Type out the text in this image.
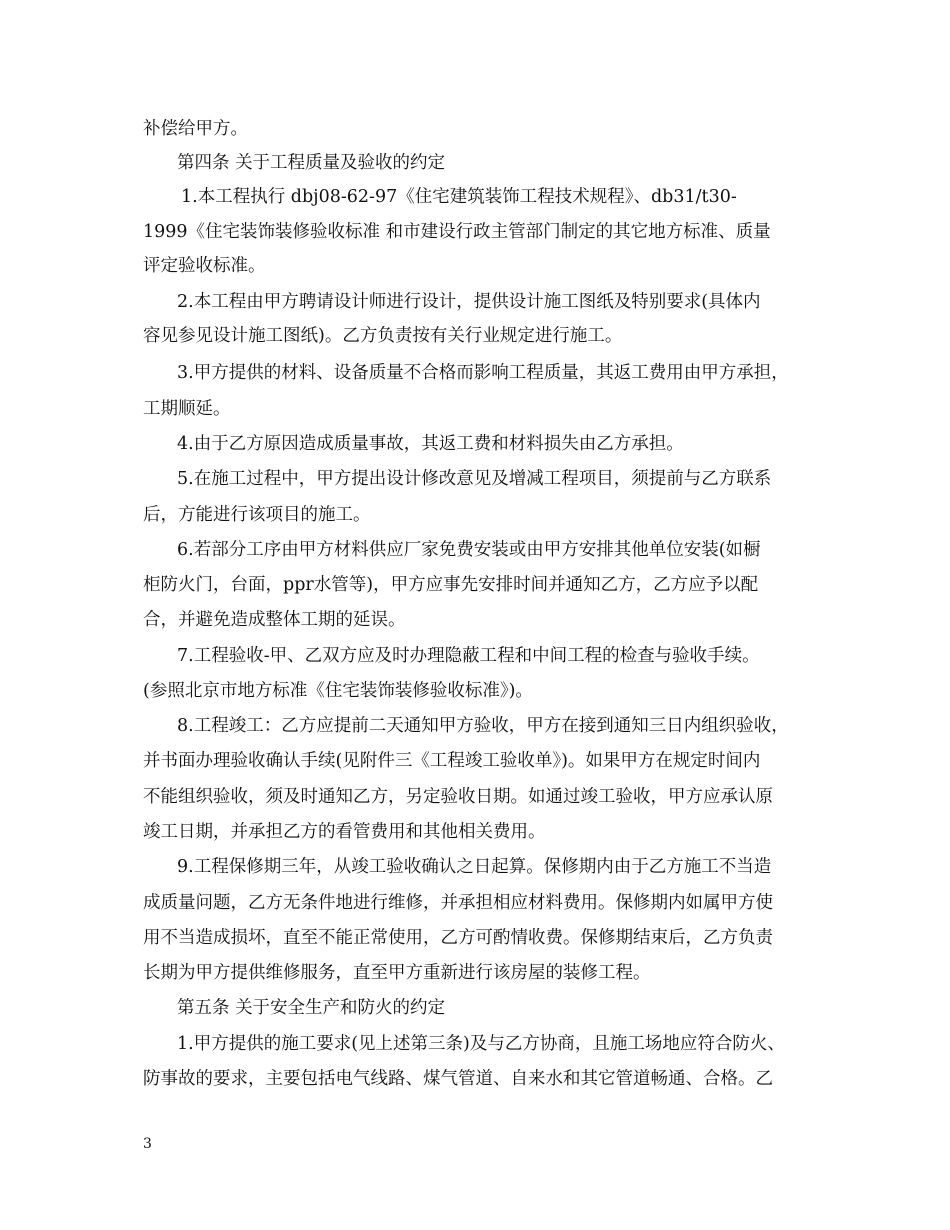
补偿给甲方。
第四条 关于工程质量及验收的约定
1.本工程执行 dbj08-62-97《住宅建筑装饰工程技术规程》、db31/t30-
1999《住宅装饰装修验收标准 和市建设行政主管部门制定的其它地方标准、质量
评定验收标准。
2.本工程由甲方聘请设计师进行设计，提供设计施工图纸及特别要求(具体内
容见参见设计施工图纸)。乙方负责按有关行业规定进行施工。
3.甲方提供的材料、设备质量不合格而影响工程质量，其返工费用由甲方承担，
工期顺延。
4.由于乙方原因造成质量事故，其返工费和材料损失由乙方承担。
5.在施工过程中，甲方提出设计修改意见及增减工程项目，须提前与乙方联系
后，方能进行该项目的施工。
6.若部分工序由甲方材料供应厂家免费安装或由甲方安排其他单位安装(如橱
柜防火门，台面，ppr水管等)，甲方应事先安排时间并通知乙方，乙方应予以配
合，并避免造成整体工期的延误。
7.工程验收-甲、乙双方应及时办理隐蔽工程和中间工程的检查与验收手续。
(参照北京市地方标准《住宅装饰装修验收标准》)。
8.工程竣工：乙方应提前二天通知甲方验收，甲方在接到通知三日内组织验收，
并书面办理验收确认手续(见附件三《工程竣工验收单》)。如果甲方在规定时间内
不能组织验收，须及时通知乙方，另定验收日期。如通过竣工验收，甲方应承认原
竣工日期，并承担乙方的看管费用和其他相关费用。
9.工程保修期三年，从竣工验收确认之日起算。保修期内由于乙方施工不当造
成质量问题，乙方无条件地进行维修，并承担相应材料费用。保修期内如属甲方使
用不当造成损坏，直至不能正常使用，乙方可酌情收费。保修期结束后，乙方负责
长期为甲方提供维修服务，直至甲方重新进行该房屋的装修工程。
第五条 关于安全生产和防火的约定
1.甲方提供的施工要求(见上述第三条)及与乙方协商，且施工场地应符合防火、
防事故的要求，主要包括电气线路、煤气管道、自来水和其它管道畅通、合格。乙
3
